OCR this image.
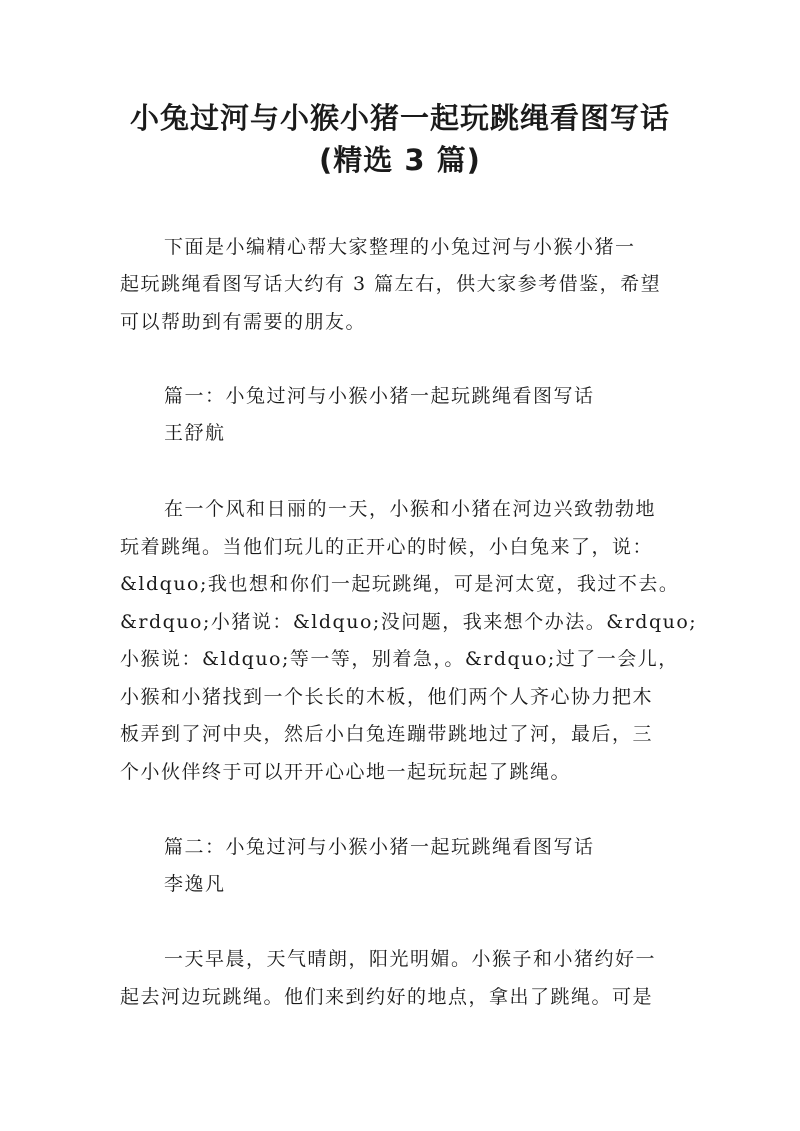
小兔过河与小猴小猪一起玩跳绳看图写话
(精选 3 篇)
下面是小编精心帮大家整理的小兔过河与小猴小猪一
起玩跳绳看图写话大约有 3 篇左右，供大家参考借鉴，希望
可以帮助到有需要的朋友。
篇一：小兔过河与小猴小猪一起玩跳绳看图写话
王舒航
在一个风和日丽的一天，小猴和小猪在河边兴致勃勃地
玩着跳绳。当他们玩儿的正开心的时候，小白兔来了，说：
&ldquo;我也想和你们一起玩跳绳，可是河太宽，我过不去。
&rdquo;小猪说：&ldquo;没问题，我来想个办法。&rdquo;
小猴说：&ldquo;等一等，别着急，。&rdquo;过了一会儿，
小猴和小猪找到一个长长的木板，他们两个人齐心协力把木
板弄到了河中央，然后小白兔连蹦带跳地过了河，最后，三
个小伙伴终于可以开开心心地一起玩玩起了跳绳。
篇二：小兔过河与小猴小猪一起玩跳绳看图写话
李逸凡
一天早晨，天气晴朗，阳光明媚。小猴子和小猪约好一
起去河边玩跳绳。他们来到约好的地点，拿出了跳绳。可是
